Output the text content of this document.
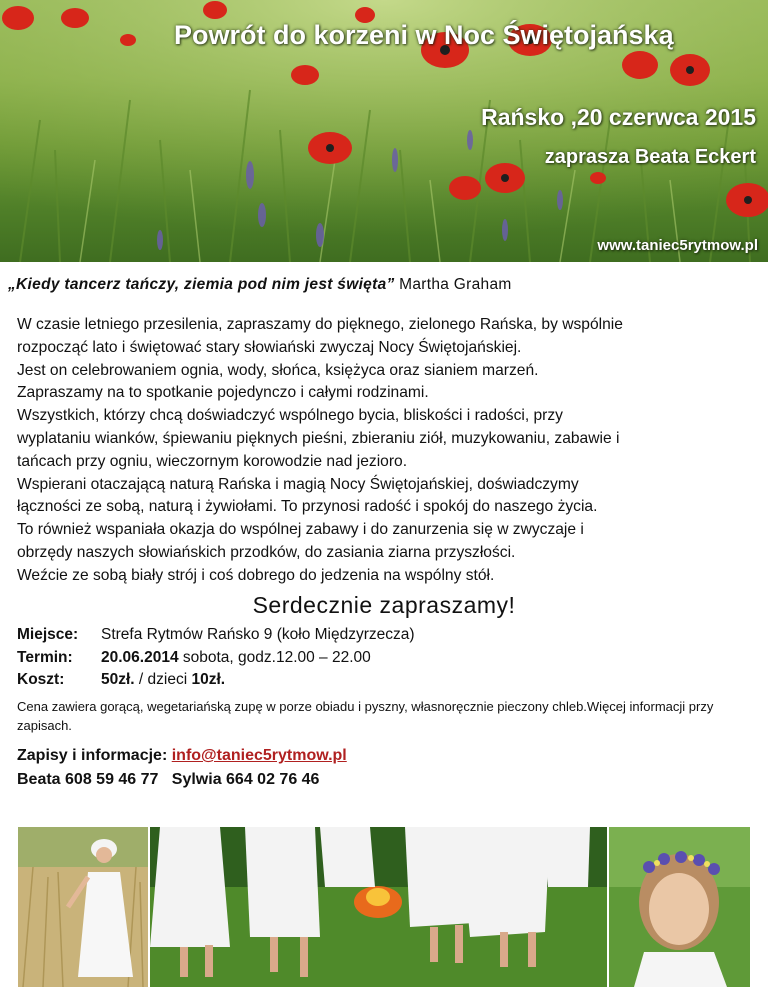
Powrót do korzeni w Noc Świętojańską
Rańsko ,20 czerwca 2015
zaprasza Beata Eckert
www.taniec5rytmow.pl
„Kiedy tancerz tańczy, ziemia pod nim jest święta” Martha Graham

W czasie letniego przesilenia, zapraszamy do pięknego, zielonego Rańska, by wspólnie

rozpocząć lato i świętować stary słowiański zwyczaj Nocy Świętojańskiej.

Jest on celebrowaniem ognia, wody, słońca, księżyca oraz sianiem marzeń.

Zapraszamy na to spotkanie pojedynczo i całymi rodzinami.

Wszystkich, którzy chcą doświadczyć wspólnego bycia, bliskości i radości, przy

wyplataniu wianków, śpiewaniu pięknych pieśni, zbieraniu ziół, muzykowaniu, zabawie i

tańcach przy ogniu, wieczornym korowodzie nad jezioro.

Wspierani otaczającą naturą Rańska i magią Nocy Świętojańskiej, doświadczymy

łączności ze sobą, naturą i żywiołami. To przynosi radość i spokój do naszego życia.

To również wspaniała okazja do wspólnej zabawy i do zanurzenia się w zwyczaje i

obrzędy naszych słowiańskich przodków, do zasiania ziarna przyszłości.

Weźcie ze sobą biały strój i coś dobrego do jedzenia na wspólny stół.

Serdecznie zapraszamy!
Miejsce:	Strefa Rytmów Rańsko 9 (koło Międzyrzecza)
Termin:	20.06.2014 sobota, godz.12.00 – 22.00
Koszt:	50zł. / dzieci 10zł.
Cena zawiera gorącą, wegetariańską zupę w porze obiadu i pyszny, własnoręcznie pieczony chleb.Więcej informacji przy zapisach.
Zapisy i informacje: info@taniec5rytmow.pl
Beata 608 59 46 77   Sylwia 664 02 76 46
